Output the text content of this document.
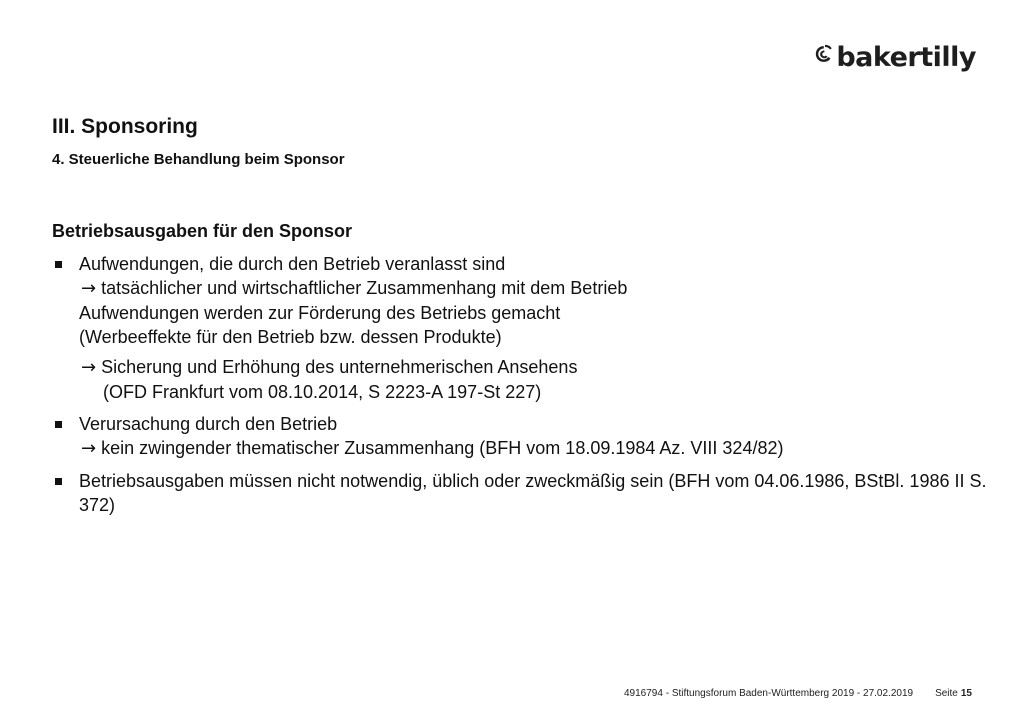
bakertilly
III. Sponsoring
4. Steuerliche Behandlung beim Sponsor
Betriebsausgaben für den Sponsor
Aufwendungen, die durch den Betrieb veranlasst sind
→ tatsächlicher und wirtschaftlicher Zusammenhang mit dem Betrieb
Aufwendungen werden zur Förderung des Betriebs gemacht
(Werbeeffekte für den Betrieb bzw. dessen Produkte)
→ Sicherung und Erhöhung des unternehmerischen Ansehens
(OFD Frankfurt vom 08.10.2014, S 2223-A 197-St 227)
Verursachung durch den Betrieb
→ kein zwingender thematischer Zusammenhang (BFH vom 18.09.1984 Az. VIII 324/82)
Betriebsausgaben müssen nicht notwendig, üblich oder zweckmäßig sein (BFH vom 04.06.1986, BStBl. 1986 II S. 372)
4916794 - Stiftungsforum Baden-Württemberg 2019 - 27.02.2019 Seite 15
